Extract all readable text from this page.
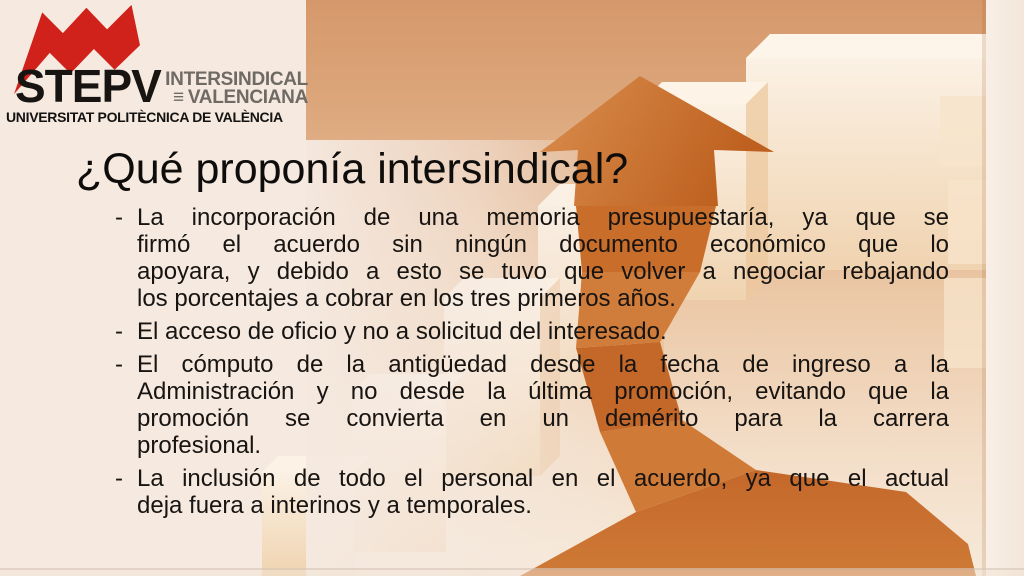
STEPV INTERSINDICAL
≡ VALENCIANA
UNIVERSITAT POLITÈCNICA DE VALÈNCIA
¿Qué proponía intersindical?
- La incorporación de una memoria presupuestaría, ya que se
firmó el acuerdo sin ningún documento económico que lo
apoyara, y debido a esto se tuvo que volver a negociar rebajando
los porcentajes a cobrar en los tres primeros años.
- El acceso de oficio y no a solicitud del interesado.
- El cómputo de la antigüedad desde la fecha de ingreso a la
Administración y no desde la última promoción, evitando que la
promoción se convierta en un demérito para la carrera
profesional.
- La inclusión de todo el personal en el acuerdo, ya que el actual
deja fuera a interinos y a temporales.
